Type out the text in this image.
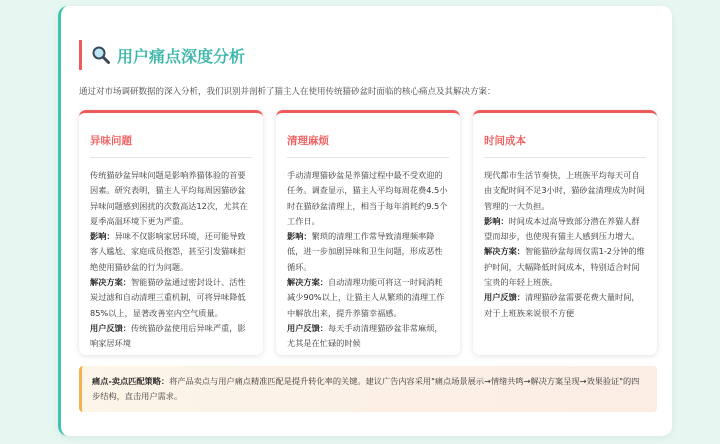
用户痛点深度分析
通过对市场调研数据的深入分析，我们识别并剖析了猫主人在使用传统猫砂盆时面临的核心痛点及其解决方案：
异味问题

传统猫砂盆异味问题是影响养猫体验的首要因素。研究表明，猫主人平均每周因猫砂盆异味问题感到困扰的次数高达12次，尤其在夏季高温环境下更为严重。

影响：异味不仅影响家居环境，还可能导致客人尴尬、家庭成员抱怨，甚至引发猫咪拒绝使用猫砂盆的行为问题。

解决方案：智能猫砂盆通过密封设计、活性炭过滤和自动清理三重机制，可将异味降低85%以上，显著改善室内空气质量。

用户反馈：传统猫砂盆使用后异味严重，影响家居环境

清理麻烦

手动清理猫砂盆是养猫过程中最不受欢迎的任务。调查显示，猫主人平均每周花费4.5小时在猫砂盆清理上，相当于每年消耗约9.5个工作日。

影响：繁琐的清理工作常导致清理频率降低，进一步加剧异味和卫生问题，形成恶性循环。

解决方案：自动清理功能可将这一时间消耗减少90%以上，让猫主人从繁琐的清理工作中解放出来，提升养猫幸福感。

用户反馈：每天手动清理猫砂盆非常麻烦，尤其是在忙碌的时候

时间成本

现代都市生活节奏快，上班族平均每天可自由支配时间不足3小时，猫砂盆清理成为时间管理的一大负担。

影响：时间成本过高导致部分潜在养猫人群望而却步，也使现有猫主人感到压力增大。

解决方案：智能猫砂盆每周仅需1-2分钟的维护时间，大幅降低时间成本，特别适合时间宝贵的年轻上班族。

用户反馈：清理猫砂盆需要花费大量时间，对于上班族来说很不方便

痛点-卖点匹配策略：将产品卖点与用户痛点精准匹配是提升转化率的关键。建议广告内容采用"痛点场景展示→情绪共鸣→解决方案呈现→效果验证"的四步结构，直击用户需求。
